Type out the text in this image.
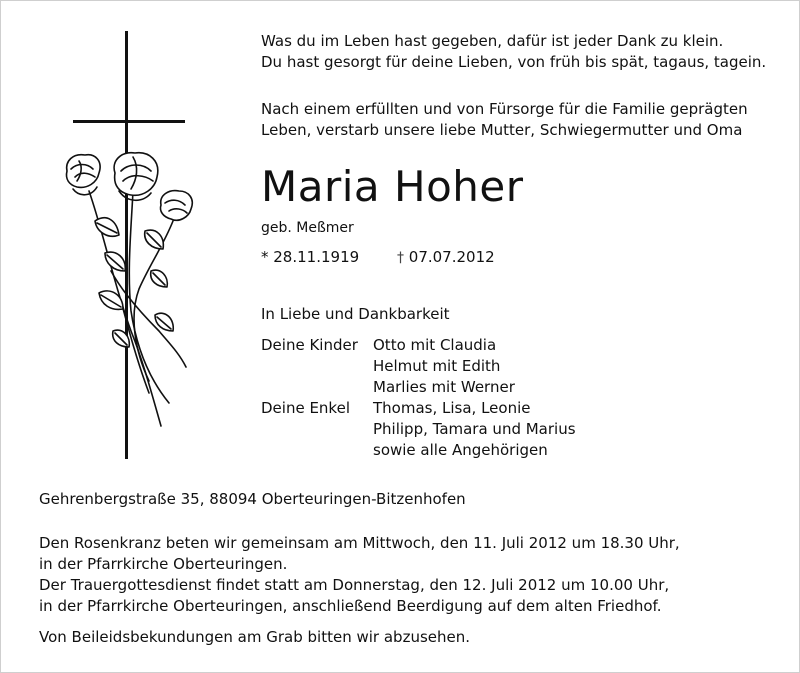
Was du im Leben hast gegeben, dafür ist jeder Dank zu klein.

Du hast gesorgt für deine Lieben, von früh bis spät, tagaus, tagein.

Nach einem erfüllten und von Fürsorge für die Familie geprägten

Leben, verstarb unsere liebe Mutter, Schwiegermutter und Oma

Maria Hoher
geb. Meßmer
* 28.11.1919	† 07.07.2012

In Liebe und Dankbarkeit

Deine Kinder Otto mit Claudia
Helmut mit Edith
Marlies mit Werner
Deine Enkel Thomas, Lisa, Leonie
Philipp, Tamara und Marius
sowie alle Angehörigen

Gehrenbergstraße 35, 88094 Oberteuringen-Bitzenhofen

Den Rosenkranz beten wir gemeinsam am Mittwoch, den 11. Juli 2012 um 18.30 Uhr,

in der Pfarrkirche Oberteuringen.

Der Trauergottesdienst findet statt am Donnerstag, den 12. Juli 2012 um 10.00 Uhr,

in der Pfarrkirche Oberteuringen, anschließend Beerdigung auf dem alten Friedhof.

Von Beileidsbekundungen am Grab bitten wir abzusehen.
